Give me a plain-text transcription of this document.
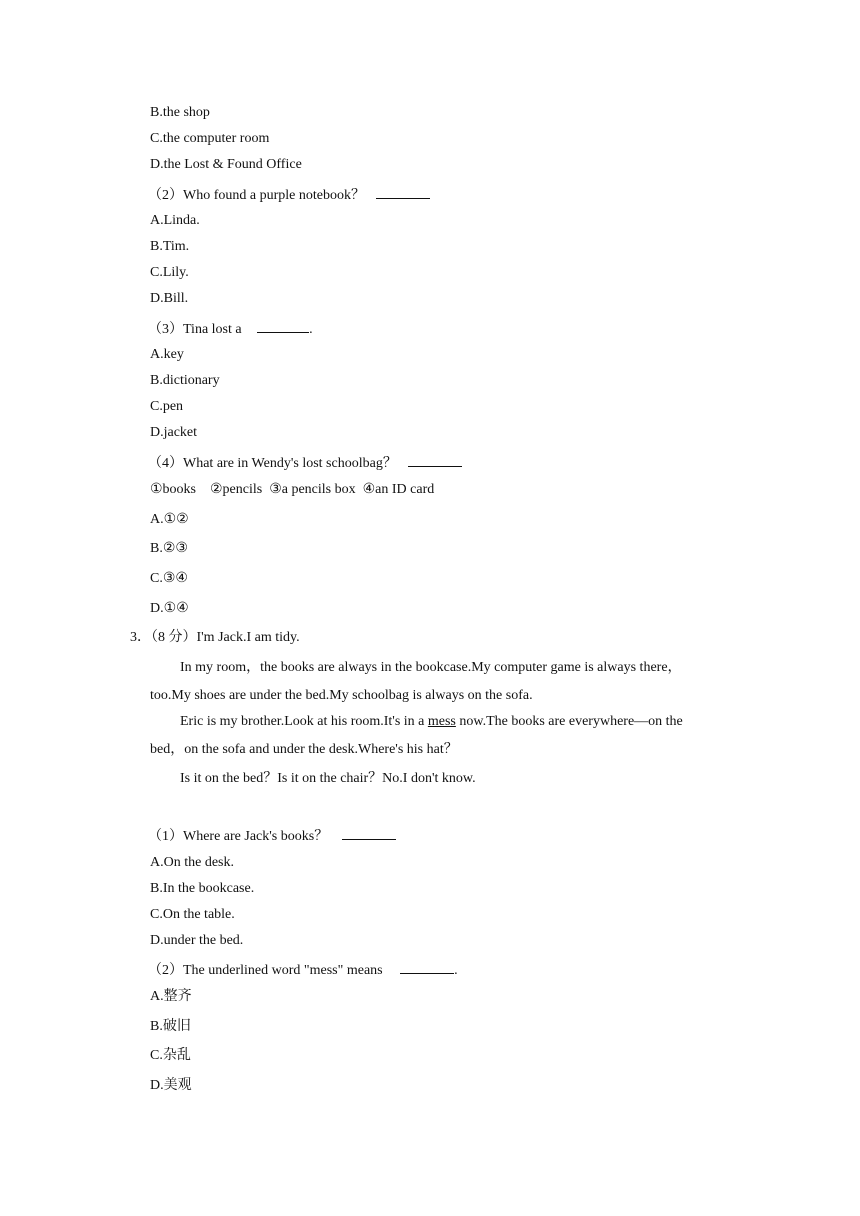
B.the shop
C.the computer room
D.the Lost & Found Office
（2）Who found a purple notebook？
A.Linda.
B.Tim.
C.Lily.
D.Bill.
（3）Tina lost a	.
A.key
B.dictionary
C.pen
D.jacket
（4）What are in Wendy's lost schoolbag？
①books    ②pencils  ③a pencils box  ④an ID card
A.①②
B.②③
C.③④
D.①④
3．（8 分）I'm Jack.I am tidy.
In my room，the books are always in the bookcase.My computer game is always there，
too.My shoes are under the bed.My schoolbag is always on the sofa.
Eric is my brother.Look at his room.It's in a mess now.The books are everywhere—on the
bed，on the sofa and under the desk.Where's his hat？
Is it on the bed？Is it on the chair？No.I don't know.
（1）Where are Jack's books？
A.On the desk.
B.In the bookcase.
C.On the table.
D.under the bed.
（2）The underlined word "mess" means	.
A.整齐
B.破旧
C.杂乱
D.美观
